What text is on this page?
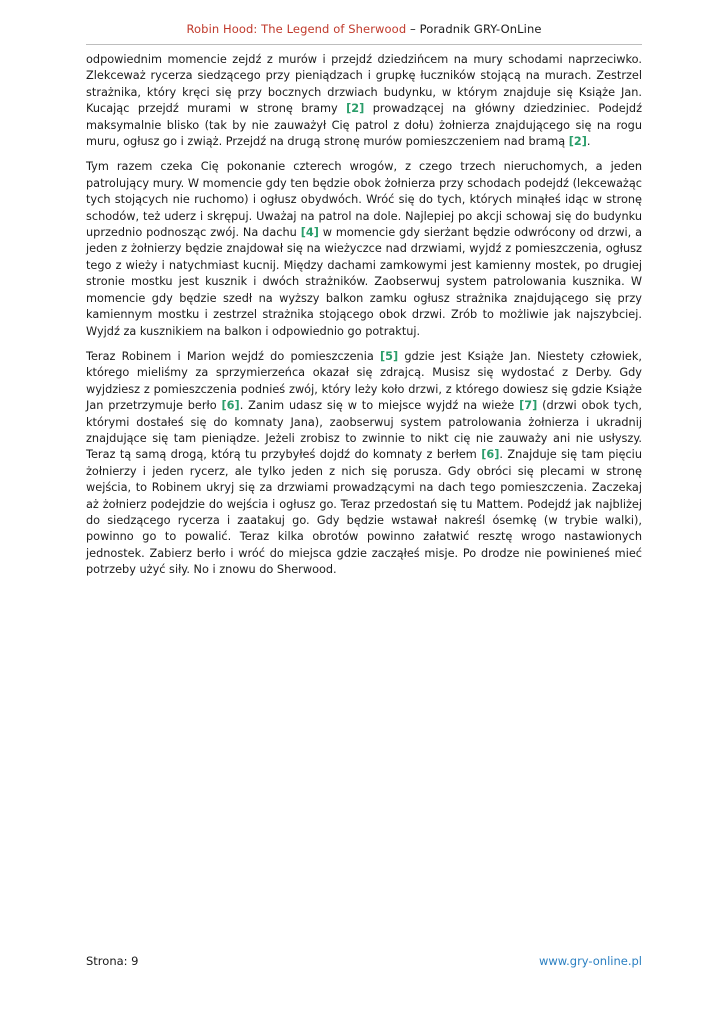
Robin Hood: The Legend of Sherwood – Poradnik GRY-OnLine

odpowiednim momencie zejdź z murów i przejdź dziedzińcem na mury schodami naprzeciwko. Zlekceważ rycerza siedzącego przy pieniądzach i grupkę łuczników stojącą na murach. Zestrzel strażnika, który kręci się przy bocznych drzwiach budynku, w którym znajduje się Książe Jan. Kucając przejdź murami w stronę bramy [2] prowadzącej na główny dziedziniec. Podejdź maksymalnie blisko (tak by nie zauważył Cię patrol z dołu) żołnierza znajdującego się na rogu muru, ogłusz go i zwiąż. Przejdź na drugą stronę murów pomieszczeniem nad bramą [2].

Tym razem czeka Cię pokonanie czterech wrogów, z czego trzech nieruchomych, a jeden patrolujący mury. W momencie gdy ten będzie obok żołnierza przy schodach podejdź (lekceważąc tych stojących nie ruchomo) i ogłusz obydwóch. Wróć się do tych, których minąłeś idąc w stronę schodów, też uderz i skrępuj. Uważaj na patrol na dole. Najlepiej po akcji schowaj się do budynku uprzednio podnosząc zwój. Na dachu [4] w momencie gdy sierżant będzie odwrócony od drzwi, a jeden z żołnierzy będzie znajdował się na wieżyczce nad drzwiami, wyjdź z pomieszczenia, ogłusz tego z wieży i natychmiast kucnij. Między dachami zamkowymi jest kamienny mostek, po drugiej stronie mostku jest kusznik i dwóch strażników. Zaobserwuj system patrolowania kusznika. W momencie gdy będzie szedł na wyższy balkon zamku ogłusz strażnika znajdującego się przy kamiennym mostku i zestrzel strażnika stojącego obok drzwi. Zrób to możliwie jak najszybciej. Wyjdź za kusznikiem na balkon i odpowiednio go potraktuj.

Teraz Robinem i Marion wejdź do pomieszczenia [5] gdzie jest Książe Jan. Niestety człowiek, którego mieliśmy za sprzymierzeńca okazał się zdrajcą. Musisz się wydostać z Derby. Gdy wyjdziesz z pomieszczenia podnieś zwój, który leży koło drzwi, z którego dowiesz się gdzie Książe Jan przetrzymuje berło [6]. Zanim udasz się w to miejsce wyjdź na wieże [7] (drzwi obok tych, którymi dostałeś się do komnaty Jana), zaobserwuj system patrolowania żołnierza i ukradnij znajdujące się tam pieniądze. Jeżeli zrobisz to zwinnie to nikt cię nie zauważy ani nie usłyszy. Teraz tą samą drogą, którą tu przybyłeś dojdź do komnaty z berłem [6]. Znajduje się tam pięciu żołnierzy i jeden rycerz, ale tylko jeden z nich się porusza. Gdy obróci się plecami w stronę wejścia, to Robinem ukryj się za drzwiami prowadzącymi na dach tego pomieszczenia. Zaczekaj aż żołnierz podejdzie do wejścia i ogłusz go. Teraz przedostań się tu Mattem. Podejdź jak najbliżej do siedzącego rycerza i zaatakuj go. Gdy będzie wstawał nakreśl ósemkę (w trybie walki), powinno go to powalić. Teraz kilka obrotów powinno załatwić resztę wrogo nastawionych jednostek. Zabierz berło i wróć do miejsca gdzie zacząłeś misje. Po drodze nie powinieneś mieć potrzeby użyć siły. No i znowu do Sherwood.

Strona: 9	www.gry-online.pl
